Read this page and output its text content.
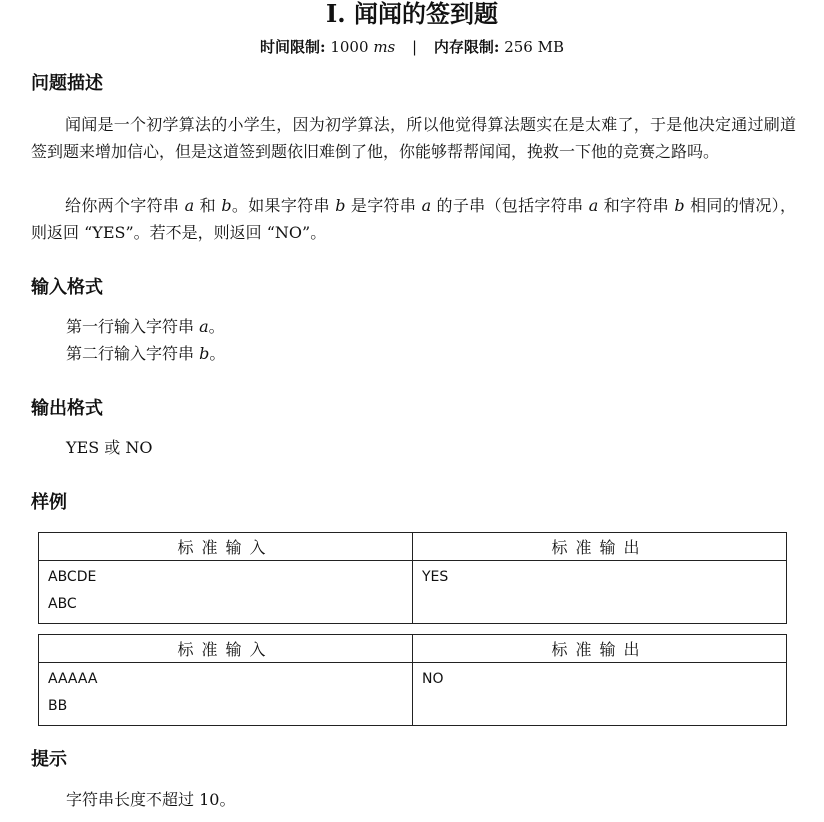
I. 闻闻的签到题
时间限制: 1000 ms | 内存限制: 256 MB
问题描述

闻闻是一个初学算法的小学生，因为初学算法，所以他觉得算法题实在是太难了，于是他决定通过刷道签到题来增加信心，但是这道签到题依旧难倒了他，你能够帮帮闻闻，挽救一下他的竞赛之路吗。

给你两个字符串 a 和 b。如果字符串 b 是字符串 a 的子串（包括字符串 a 和字符串 b 相同的情况），则返回 “YES”。若不是，则返回 “NO”。

输入格式

第一行输入字符串 a。

第二行输入字符串 b。

输出格式

YES 或 NO

样例
标准输入	标准输出

ABCDE
ABC	YES
标准输入	标准输出

AAAAA
BB	NO
提示

字符串长度不超过 10。
